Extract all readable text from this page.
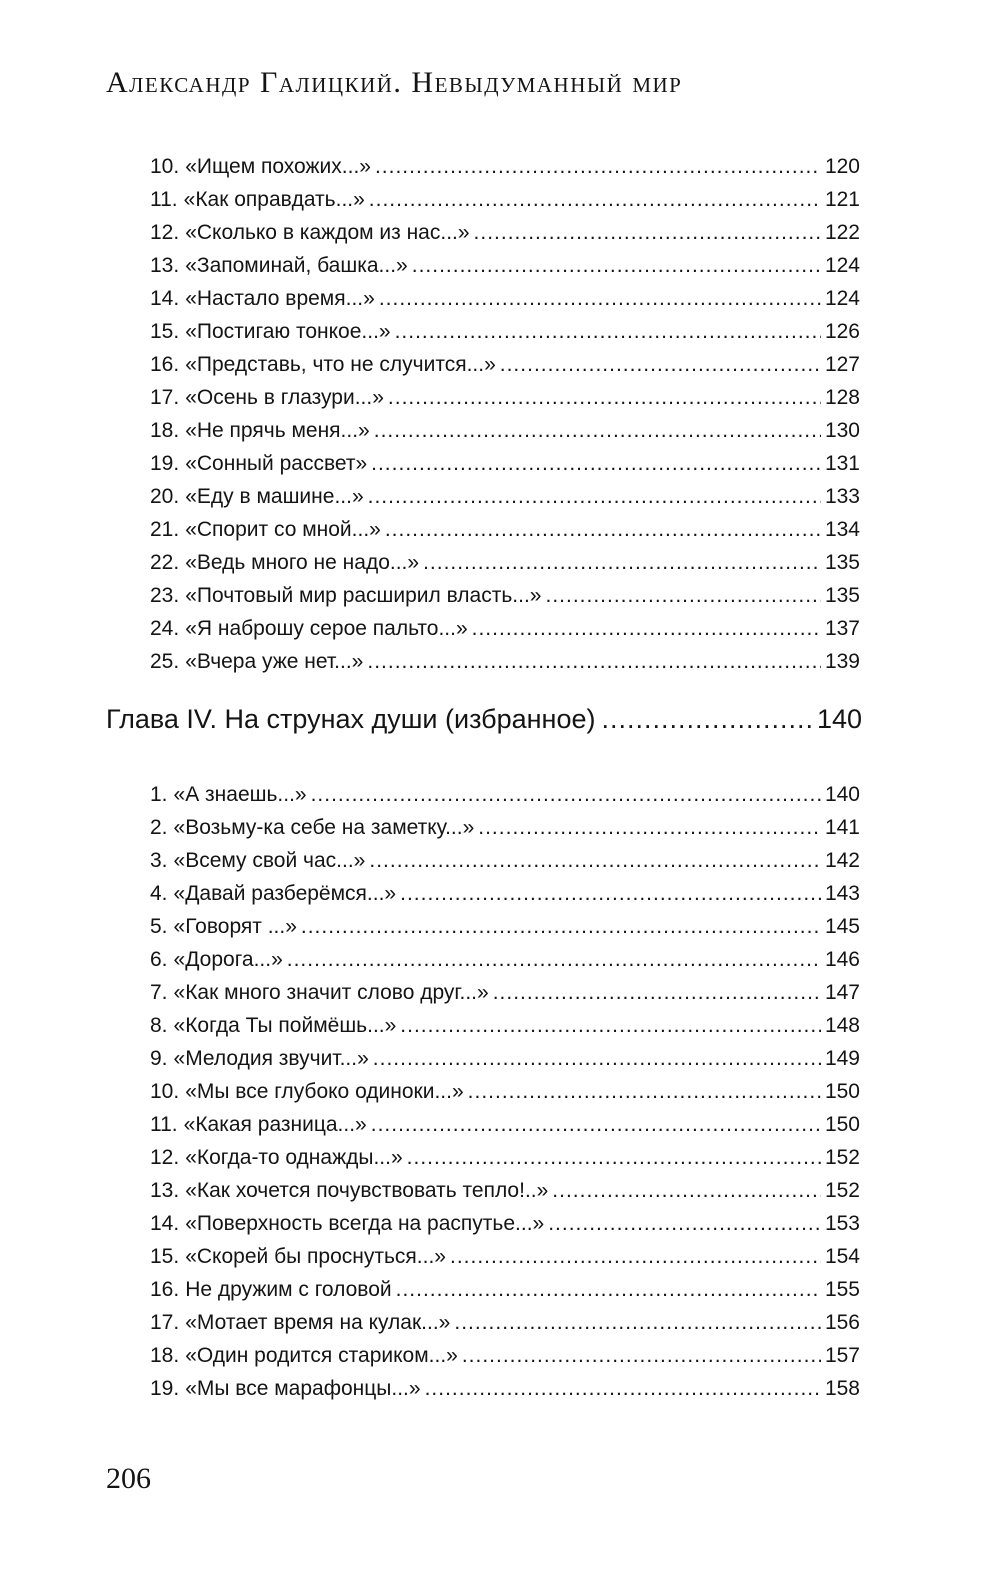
Александр Галицкий. Невыдуманный мир
10. «Ищем похожих...» .....	120
11. «Как оправдать...» .....	121
12. «Сколько в каждом из нас...» .....	122
13. «Запоминай, башка...» .....	124
14. «Настало время...» .....	124
15. «Постигаю тонкое...» .....	126
16. «Представь, что не случится...» .....	127
17. «Осень в глазури...» .....	128
18. «Не прячь меня...» .....	130
19. «Сонный рассвет» .....	131
20. «Еду в машине...» .....	133
21. «Спорит со мной...» .....	134
22. «Ведь много не надо...» .....	135
23. «Почтовый мир расширил власть...» .....	135
24. «Я наброшу серое пальто...» .....	137
25. «Вчера уже нет...» .....	139
Глава IV. На струнах души (избранное) .....	140
1. «А знаешь...» .....	140
2. «Возьму-ка себе на заметку...» .....	141
3. «Всему свой час...» .....	142
4. «Давай разберёмся...» .....	143
5. «Говорят ...» .....	145
6. «Дорога...» .....	146
7. «Как много значит слово друг...» .....	147
8. «Когда Ты поймёшь...» .....	148
9. «Мелодия звучит...» .....	149
10. «Мы все глубоко одиноки...» .....	150
11. «Какая разница...» .....	150
12. «Когда-то однажды...» .....	152
13. «Как хочется почувствовать тепло!..» .....	152
14. «Поверхность всегда на распутье...» .....	153
15. «Скорей бы проснуться...» .....	154
16. Не дружим с головой .....	155
17. «Мотает время на кулак...» .....	156
18. «Один родится стариком...» .....	157
19. «Мы все марафонцы...» .....	158
206
